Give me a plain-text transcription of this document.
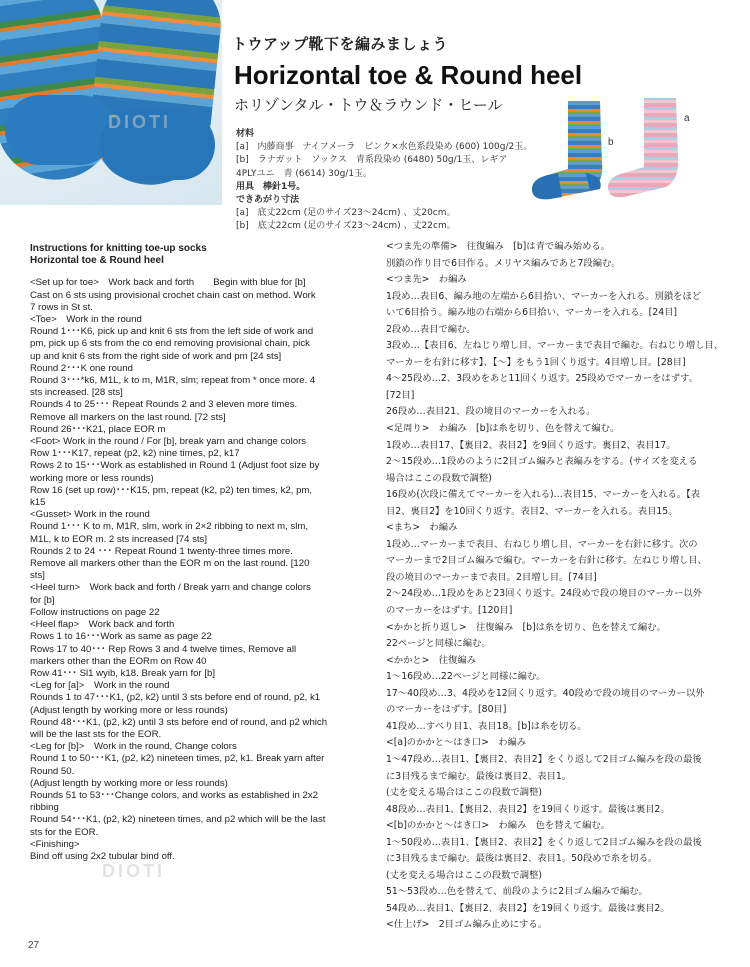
DIOTI
トウアップ靴下を編みましょう
Horizontal toe & Round heel
ホリゾンタル・トウ＆ラウンド・ヒール
材料
[a]　内藤商事　ナイフメーラ　ピンク×水色系段染め (600) 100g/2玉。
[b]　ラナガット　ソックス　青系段染め (6480) 50g/1玉、レギア
4PLYユニ　青 (6614) 30g/1玉。
用具　棒針1号。
できあがり寸法
[a]　底丈22cm (足のサイズ23〜24cm) 、丈20cm。
[b]　底丈22cm (足のサイズ23〜24cm) 、丈22cm。
a
b
Instructions for knitting toe-up socks
Horizontal toe & Round heel
<Set up for toe>　Work back and forth　　Begin with blue for [b]
Cast on 6 sts using provisional crochet chain cast on method. Work
7 rows in St st.
<Toe>　Work in the round
Round 1･･･K6, pick up and knit 6 sts from the left side of work and
pm, pick up 6 sts from the co end removing provisional chain, pick
up and knit 6 sts from the right side of work and pm [24 sts]
Round 2･･･K one round
Round 3･･･*k6, M1L, k to m, M1R, slm; repeat from * once more. 4
sts increased. [28 sts]
Rounds 4 to 25･･･ Repeat Rounds 2 and 3 eleven more times.
Remove all markers on the last round. [72 sts]
Round 26･･･K21, place EOR m
<Foot> Work in the round / For [b], break yarn and change colors
Row 1･･･K17, repeat (p2, k2) nine times, p2, k17
Rows 2 to 15･･･Work as established in Round 1 (Adjust foot size by
working more or less rounds)
Row 16 (set up row)･･･K15, pm, repeat (k2, p2) ten times, k2, pm,
k15
<Gusset> Work in the round
Round 1･･･ K to m, M1R, slm, work in 2×2 ribbing to next m, slm,
M1L, k to EOR m. 2 sts increased [74 sts]
Rounds 2 to 24 ･･･ Repeat Round 1 twenty-three times more.
Remove all markers other than the EOR m on the last round. [120
sts]
<Heel turn>　Work back and forth / Break yarn and change colors
for [b]
Follow instructions on page 22
<Heel flap>　Work back and forth
Rows 1 to 16･･･Work as same as page 22
Rows 17 to 40･･･ Rep Rows 3 and 4 twelve times, Remove all
markers other than the EORm on Row 40
Row 41･･･ Sl1 wyib, k18. Break yarn for [b]
<Leg for [a]>　Work in the round
Rounds 1 to 47･･･K1, (p2, k2) until 3 sts before end of round, p2, k1
(Adjust length by working more or less rounds)
Round 48･･･K1, (p2, k2) until 3 sts before end of round, and p2 which
will be the last sts for the EOR.
<Leg for [b]>　Work in the round, Change colors
Round 1 to 50･･･K1, (p2, k2) nineteen times, p2, k1. Break yarn after
Round 50.
(Adjust length by working more or less rounds)
Rounds 51 to 53･･･Change colors, and works as established in 2x2
ribbing
Round 54･･･K1, (p2, k2) nineteen times, and p2 which will be the last
sts for the EOR.
<Finishing>
Bind off using 2x2 tubular bind off.
<つま先の準備>　往復編み　[b]は青で編み始める。
別鎖の作り目で6目作る。メリヤス編みであと7段編む。
<つま先>　わ編み
1段め…表目6、編み地の左端から6目拾い、マーカーを入れる。別鎖をほど
いて6目拾う。編み地の右端から6目拾い、マーカーを入れる。[24目]
2段め…表目で編む。
3段め…【表目6、左ねじり増し目、マーカーまで表目で編む。右ねじり増し目、
マーカーを右針に移す】、【〜】をもう1回くり返す。4目増し目。[28目]
4〜25段め…2、3段めをあと11回くり返す。25段めでマーカーをはずす。
[72目]
26段め…表目21、段の境目のマーカーを入れる。
<足周り>　わ編み　[b]は糸を切り、色を替えて編む。
1段め…表目17、【裏目2、表目2】を9回くり返す。裏目2、表目17。
2〜15段め…1段めのように2目ゴム編みと表編みをする。(サイズを変える
場合はここの段数で調整)
16段め(次段に備えてマーカーを入れる)…表目15、マーカーを入れる。【表
目2、裏目2】を10回くり返す。表目2、マーカーを入れる。表目15。
<まち>　わ編み
1段め…マーカーまで表目、右ねじり増し目、マーカーを右針に移す。次の
マーカーまで2目ゴム編みで編む。マーカーを右針に移す。左ねじり増し目、
段の境目のマーカーまで表目。2目増し目。[74目]
2〜24段め…1段めをあと23回くり返す。24段めで段の境目のマーカー以外
のマーカーをはずす。[120目]
<かかと折り返し>　往復編み　[b]は糸を切り、色を替えて編む。
22ページと同様に編む。
<かかと>　往復編み
1〜16段め…22ページと同様に編む。
17〜40段め…3、4段めを12回くり返す。40段めで段の境目のマーカー以外
のマーカーをはずす。[80目]
41段め…すべり目1、表目18。[b]は糸を切る。
<[a]のかかと〜はき口>　わ編み
1〜47段め…表目1、【裏目2、表目2】をくり返して2目ゴム編みを段の最後
に3目残るまで編む。最後は裏目2、表目1。
(丈を変える場合はここの段数で調整)
48段め…表目1、【裏目2、表目2】を19回くり返す。最後は裏目2。
<[b]のかかと〜はき口>　わ編み　色を替えて編む。
1〜50段め…表目1、【裏目2、表目2】をくり返して2目ゴム編みを段の最後
に3目残るまで編む。最後は裏目2、表目1。50段めで糸を切る。
(丈を変える場合はここの段数で調整)
51〜53段め…色を替えて、前段のように2目ゴム編みで編む。
54段め…表目1、【裏目2、表目2】を19回くり返す。最後は裏目2。
<仕上げ>　2目ゴム編み止めにする。
DIOTI
27
